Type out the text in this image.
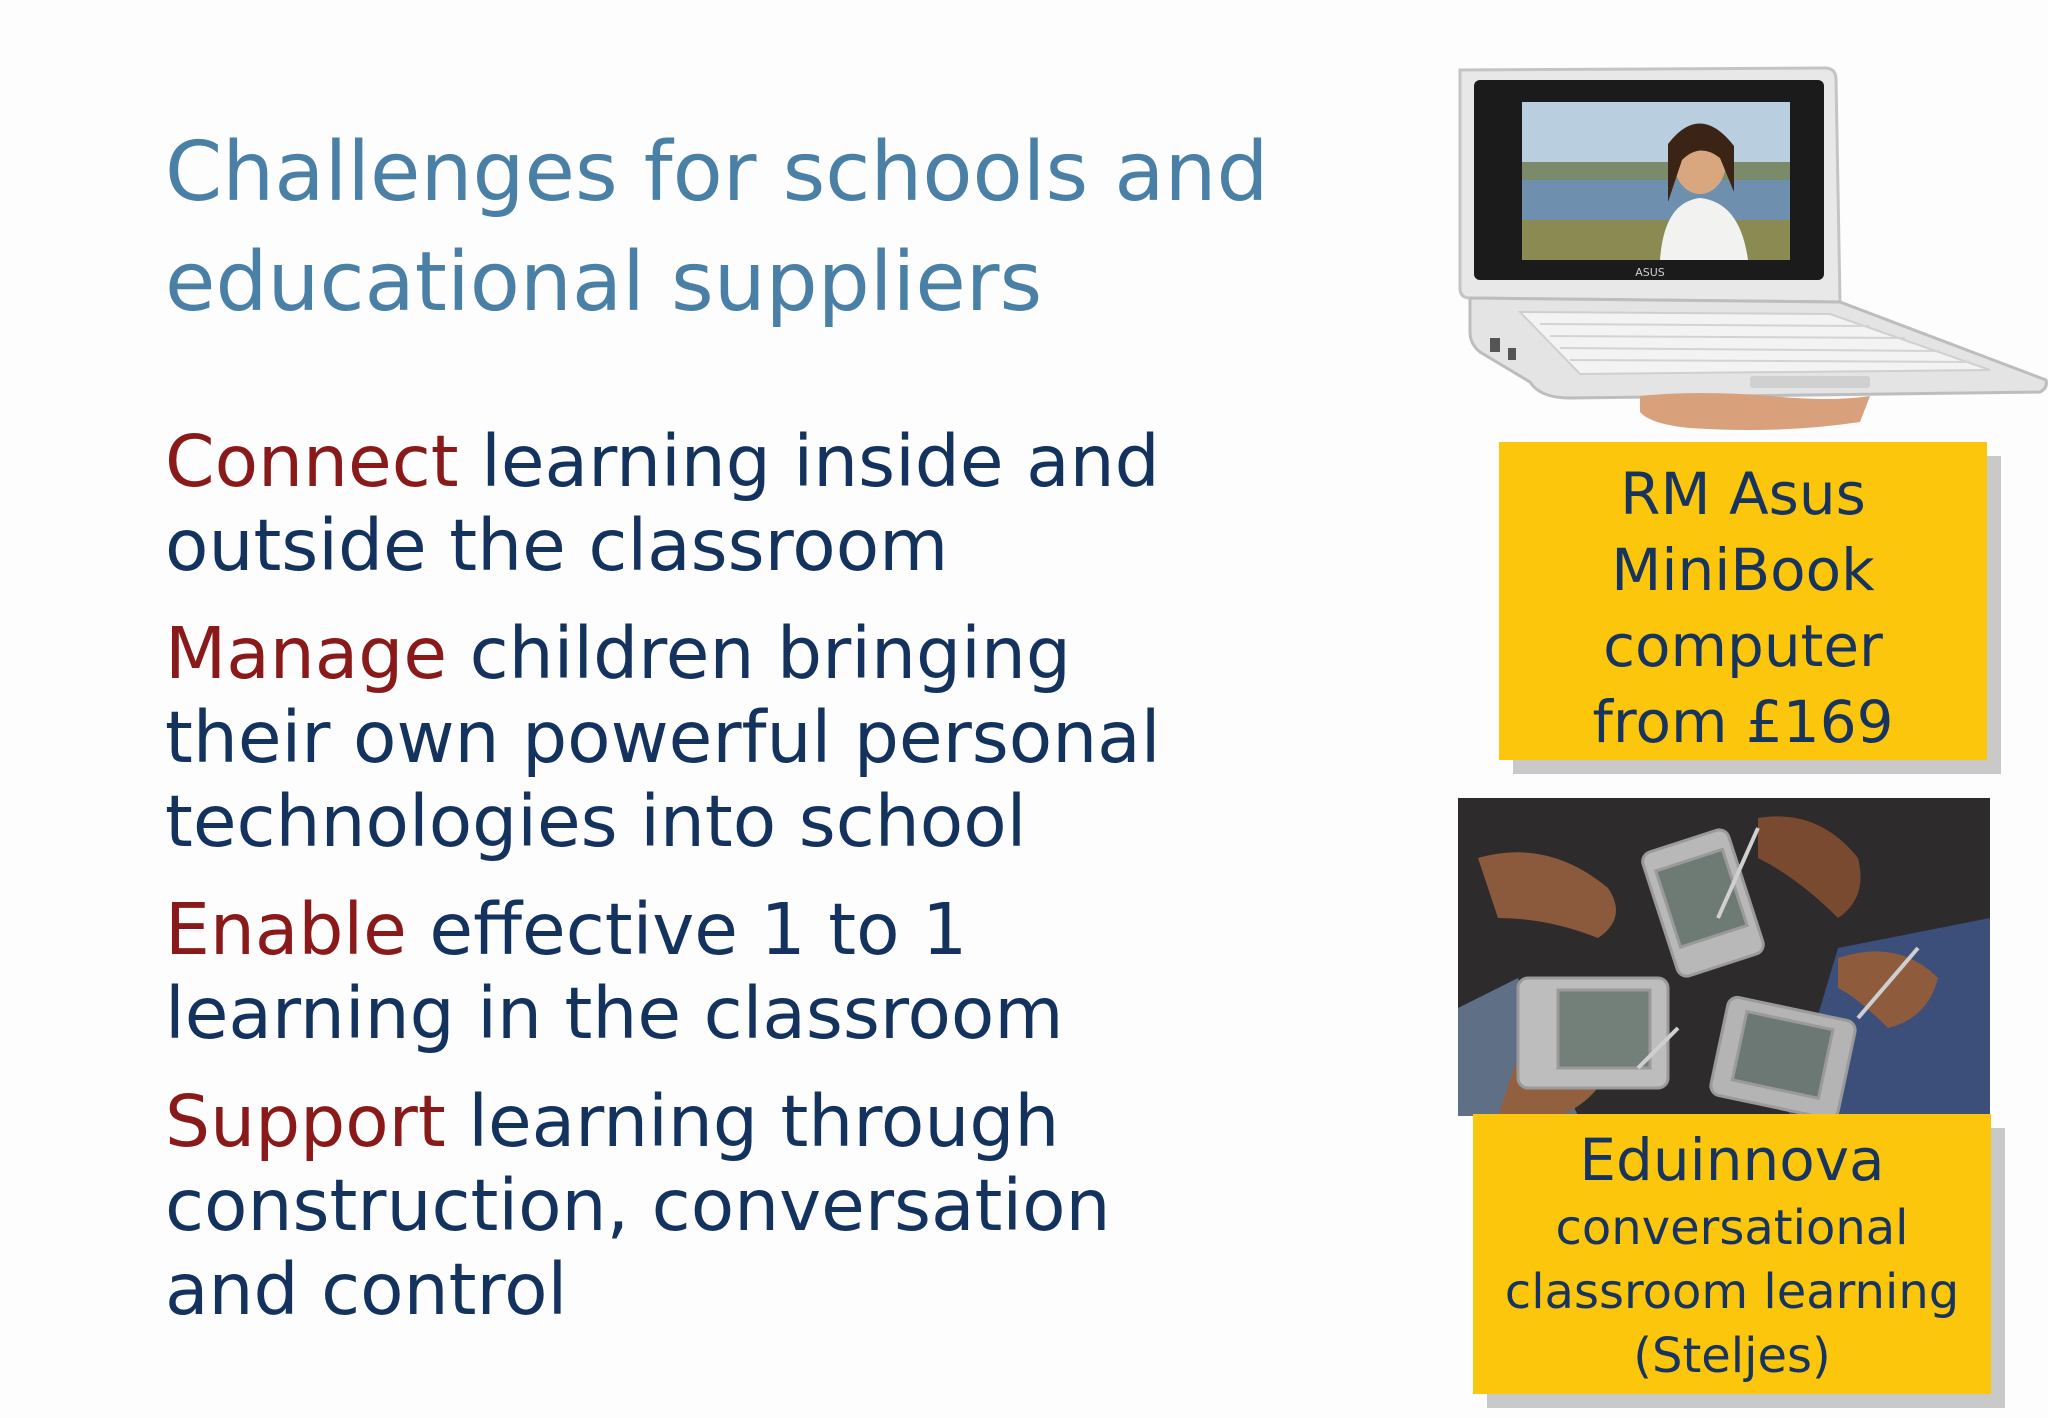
Challenges for schools and
educational suppliers

Connect learning inside and
outside the classroom

Manage children bringing
their own powerful personal
technologies into school

Enable effective 1 to 1
learning in the classroom

Support learning through
construction, conversation
and control

ASUS
RM Asus
MiniBook
computer
from £169
Eduinnova
conversational
classroom learning
(Steljes)
